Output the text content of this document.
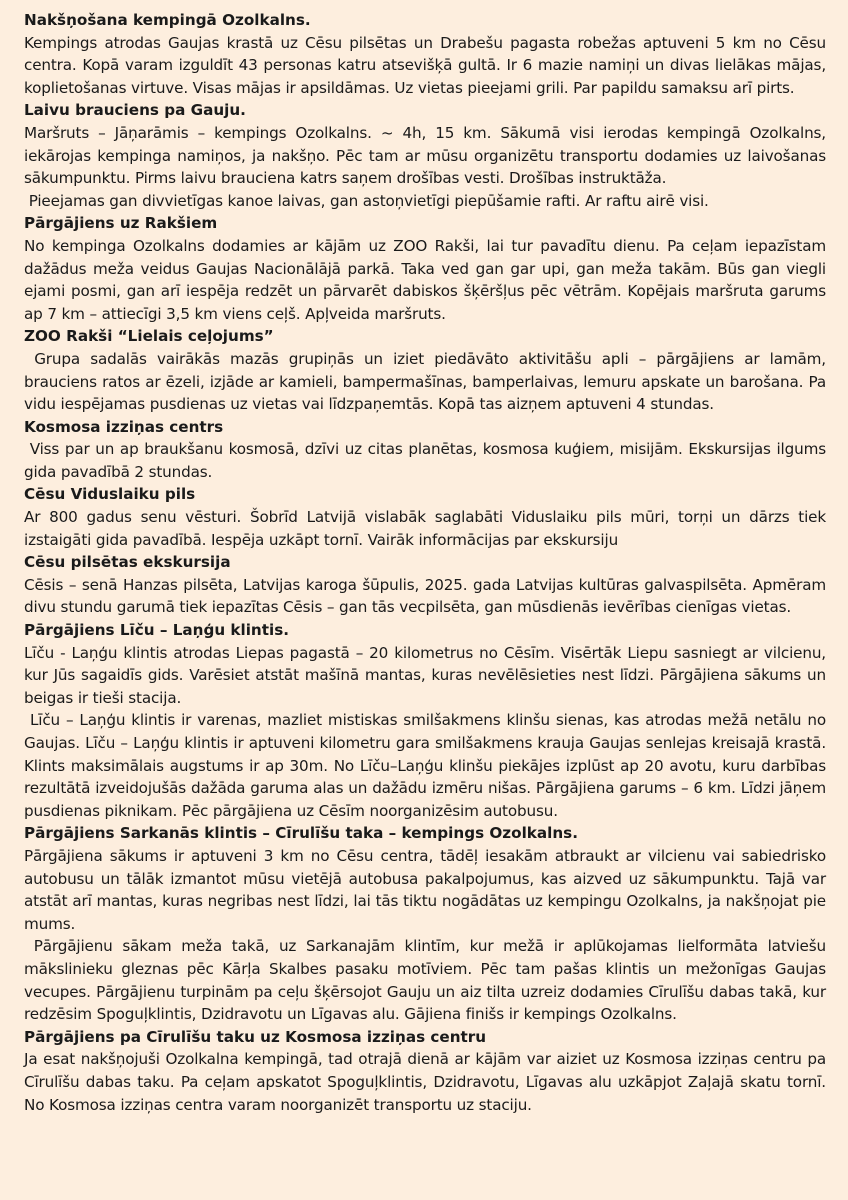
Nakšņošana kempingā Ozolkalns.

Kempings atrodas Gaujas krastā uz Cēsu pilsētas un Drabešu pagasta robežas aptuveni 5 km no Cēsu centra. Kopā varam izguldīt 43 personas katru atsevišķā gultā. Ir 6 mazie namiņi un divas lielākas mājas, koplietošanas virtuve. Visas mājas ir apsildāmas. Uz vietas pieejami grili. Par papildu samaksu arī pirts.

Laivu brauciens pa Gauju.

Maršruts – Jāņarāmis – kempings Ozolkalns. ~ 4h, 15 km. Sākumā visi ierodas kempingā Ozolkalns, iekārojas kempinga namiņos, ja nakšņo. Pēc tam ar mūsu organizētu transportu dodamies uz laivošanas sākumpunktu. Pirms laivu brauciena katrs saņem drošības vesti. Drošības instruktāža.

Pieejamas gan divvietīgas kanoe laivas, gan astoņvietīgi piepūšamie rafti. Ar raftu airē visi.

Pārgājiens uz Rakšiem

No kempinga Ozolkalns dodamies ar kājām uz ZOO Rakši, lai tur pavadītu dienu. Pa ceļam iepazīstam dažādus meža veidus Gaujas Nacionālājā parkā. Taka ved gan gar upi, gan meža takām. Būs gan viegli ejami posmi, gan arī iespēja redzēt un pārvarēt dabiskos šķēršļus pēc vētrām. Kopējais maršruta garums ap 7 km – attiecīgi 3,5 km viens ceļš. Apļveida maršruts.

ZOO Rakši “Lielais ceļojums”

Grupa sadalās vairākās mazās grupiņās un iziet piedāvāto aktivitāšu apli – pārgājiens ar lamām, brauciens ratos ar ēzeli, izjāde ar kamieli, bampermašīnas, bamperlaivas, lemuru apskate un barošana. Pa vidu iespējamas pusdienas uz vietas vai līdzpaņemtās. Kopā tas aizņem aptuveni 4 stundas.

Kosmosa izziņas centrs

Viss par un ap braukšanu kosmosā, dzīvi uz citas planētas, kosmosa kuģiem, misijām. Ekskursijas ilgums gida pavadībā 2 stundas.

Cēsu Viduslaiku pils

Ar 800 gadus senu vēsturi. Šobrīd Latvijā vislabāk saglabāti Viduslaiku pils mūri, torņi un dārzs tiek izstaigāti gida pavadībā. Iespēja uzkāpt tornī. Vairāk informācijas par ekskursiju

Cēsu pilsētas ekskursija

Cēsis – senā Hanzas pilsēta, Latvijas karoga šūpulis, 2025. gada Latvijas kultūras galvaspilsēta. Apmēram divu stundu garumā tiek iepazītas Cēsis – gan tās vecpilsēta, gan mūsdienās ievērības cienīgas vietas.

Pārgājiens Līču – Laņģu klintis.

Līču - Laņģu klintis atrodas Liepas pagastā – 20 kilometrus no Cēsīm. Visērtāk Liepu sasniegt ar vilcienu, kur Jūs sagaidīs gids. Varēsiet atstāt mašīnā mantas, kuras nevēlēsieties nest līdzi. Pārgājiena sākums un beigas ir tieši stacija.

Līču – Laņģu klintis ir varenas, mazliet mistiskas smilšakmens klinšu sienas, kas atrodas mežā netālu no Gaujas. Līču – Laņģu klintis ir aptuveni kilometru gara smilšakmens krauja Gaujas senlejas kreisajā krastā. Klints maksimālais augstums ir ap 30m. No Līču–Laņģu klinšu piekājes izplūst ap 20 avotu, kuru darbības rezultātā izveidojušās dažāda garuma alas un dažādu izmēru nišas. Pārgājiena garums – 6 km. Līdzi jāņem pusdienas piknikam. Pēc pārgājiena uz Cēsīm noorganizēsim autobusu.

Pārgājiens Sarkanās klintis – Cīrulīšu taka – kempings Ozolkalns.

Pārgājiena sākums ir aptuveni 3 km no Cēsu centra, tādēļ iesakām atbraukt ar vilcienu vai sabiedrisko autobusu un tālāk izmantot mūsu vietējā autobusa pakalpojumus, kas aizved uz sākumpunktu. Tajā var atstāt arī mantas, kuras negribas nest līdzi, lai tās tiktu nogādātas uz kempingu Ozolkalns, ja nakšņojat pie mums.

Pārgājienu sākam meža takā, uz Sarkanajām klintīm, kur mežā ir aplūkojamas lielformāta latviešu mākslinieku gleznas pēc Kārļa Skalbes pasaku motīviem. Pēc tam pašas klintis un mežonīgas Gaujas vecupes. Pārgājienu turpinām pa ceļu šķērsojot Gauju un aiz tilta uzreiz dodamies Cīrulīšu dabas takā, kur redzēsim Spoguļklintis, Dzidravotu un Līgavas alu. Gājiena finišs ir kempings Ozolkalns.

Pārgājiens pa Cīrulīšu taku uz Kosmosa izziņas centru

Ja esat nakšņojuši Ozolkalna kempingā, tad otrajā dienā ar kājām var aiziet uz Kosmosa izziņas centru pa Cīrulīšu dabas taku. Pa ceļam apskatot Spoguļklintis, Dzidravotu, Līgavas alu uzkāpjot Zaļajā skatu tornī. No Kosmosa izziņas centra varam noorganizēt transportu uz staciju.
